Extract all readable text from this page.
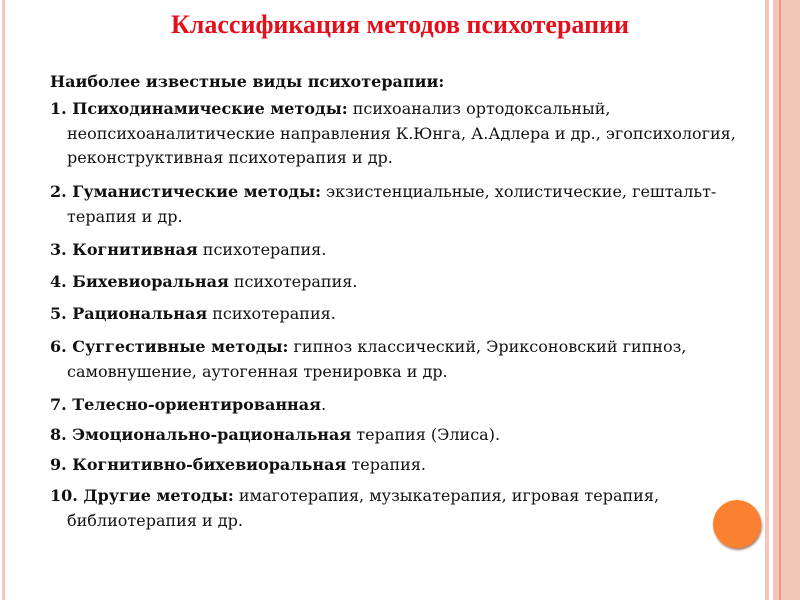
Классификация методов психотерапии
Наиболее известные виды психотерапии:
1. Психодинамические методы: психоанализ ортодоксальный, неопсихоаналитические направления К.Юнга, А.Адлера и др., эгопсихология, реконструктивная психотерапия и др.
2. Гуманистические методы: экзистенциальные, холистические, гештальт-терапия и др.
3. Когнитивная психотерапия.
4. Бихевиоральная психотерапия.
5. Рациональная психотерапия.
6. Суггестивные методы: гипноз классический, Эриксоновский гипноз, самовнушение, аутогенная тренировка и др.
7. Телесно-ориентированная.
8. Эмоционально-рациональная терапия (Элиса).
9. Когнитивно-бихевиоральная терапия.
10. Другие методы: имаготерапия, музыкатерапия, игровая терапия, библиотерапия и др.
